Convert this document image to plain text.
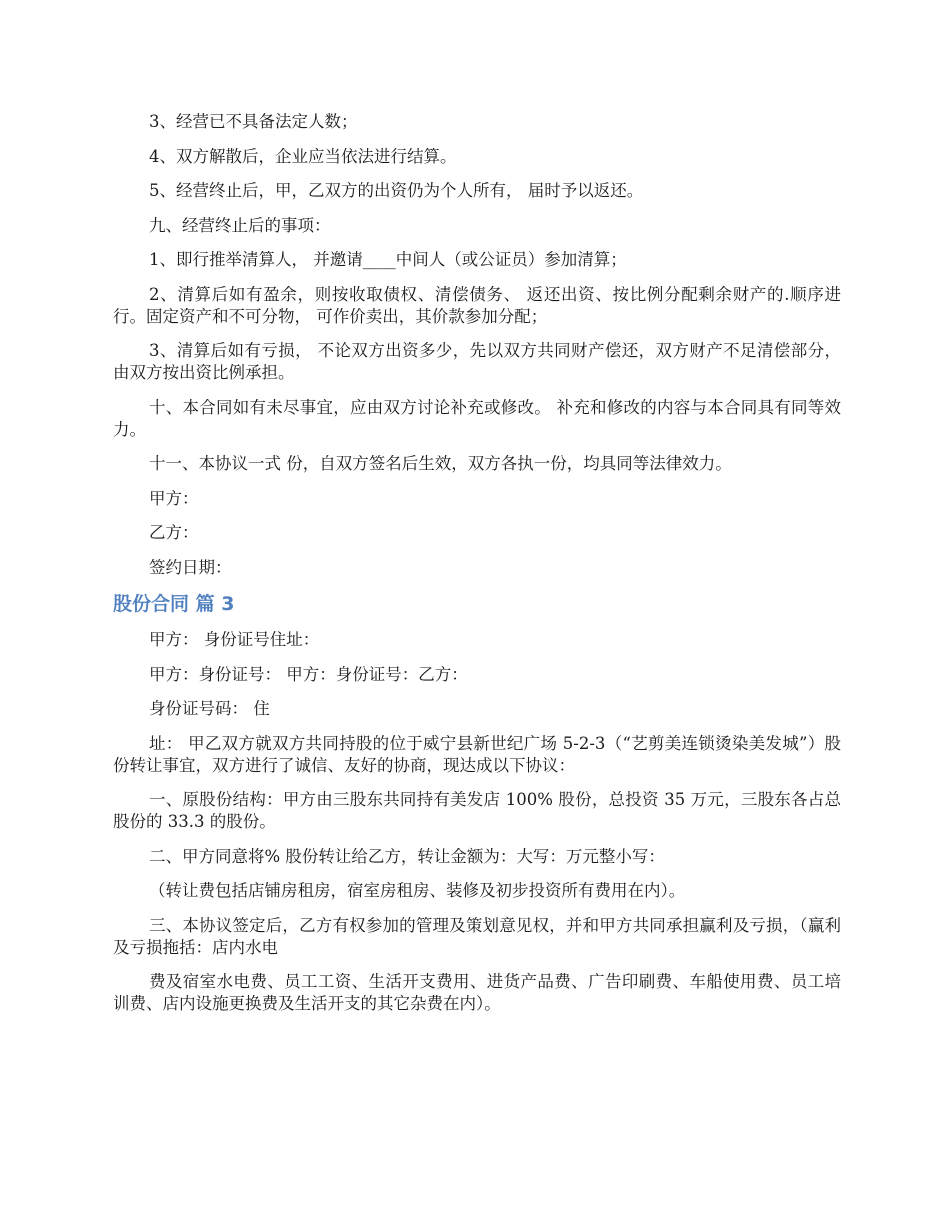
3、经营已不具备法定人数；

4、双方解散后，企业应当依法进行结算。

5、经营终止后，甲，乙双方的出资仍为个人所有， 届时予以返还。

九、经营终止后的事项：

1、即行推举清算人， 并邀请____中间人（或公证员）参加清算；

2、清算后如有盈余，则按收取债权、清偿债务、 返还出资、按比例分配剩余财产的.顺序进行。固定资产和不可分物， 可作价卖出，其价款参加分配；

3、清算后如有亏损， 不论双方出资多少，先以双方共同财产偿还，双方财产不足清偿部分， 由双方按出资比例承担。

十、本合同如有未尽事宜，应由双方讨论补充或修改。 补充和修改的内容与本合同具有同等效力。

十一、本协议一式 份，自双方签名后生效，双方各执一份，均具同等法律效力。

甲方：

乙方：

签约日期：

股份合同 篇 3

甲方： 身份证号住址：

甲方：身份证号： 甲方：身份证号：乙方：

身份证号码： 住

址： 甲乙双方就双方共同持股的位于威宁县新世纪广场 5-2-3（“艺剪美连锁烫染美发城”）股份转让事宜，双方进行了诚信、友好的协商，现达成以下协议：

一、原股份结构：甲方由三股东共同持有美发店 100% 股份，总投资 35 万元，三股东各占总股份的 33.3 的股份。

二、甲方同意将% 股份转让给乙方，转让金额为：大写：万元整小写：

（转让费包括店铺房租房，宿室房租房、装修及初步投资所有费用在内）。

三、本协议签定后，乙方有权参加的管理及策划意见权，并和甲方共同承担赢利及亏损，（赢利及亏损拖括：店内水电

费及宿室水电费、员工工资、生活开支费用、进货产品费、广告印刷费、车船使用费、员工培训费、店内设施更换费及生活开支的其它杂费在内）。
